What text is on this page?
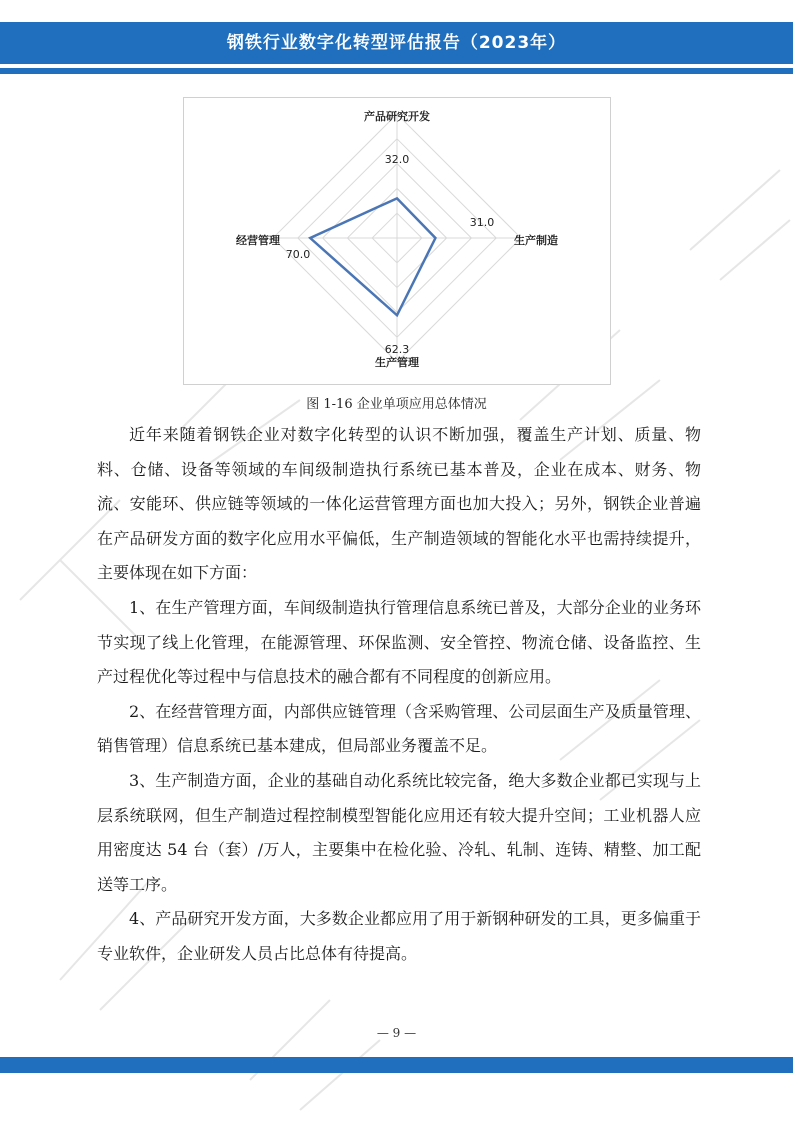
钢铁行业数字化转型评估报告（2023年）
产品研究开发
生产制造
生产管理
经营管理
32.0
31.0
62.3
70.0
图 1-16 企业单项应用总体情况

近年来随着钢铁企业对数字化转型的认识不断加强，覆盖生产计划、质量、物料、仓储、设备等领域的车间级制造执行系统已基本普及，企业在成本、财务、物流、安能环、供应链等领域的一体化运营管理方面也加大投入；另外，钢铁企业普遍在产品研发方面的数字化应用水平偏低，生产制造领域的智能化水平也需持续提升，主要体现在如下方面：

1、在生产管理方面，车间级制造执行管理信息系统已普及，大部分企业的业务环节实现了线上化管理，在能源管理、环保监测、安全管控、物流仓储、设备监控、生产过程优化等过程中与信息技术的融合都有不同程度的创新应用。

2、在经营管理方面，内部供应链管理（含采购管理、公司层面生产及质量管理、销售管理）信息系统已基本建成，但局部业务覆盖不足。

3、生产制造方面，企业的基础自动化系统比较完备，绝大多数企业都已实现与上层系统联网，但生产制造过程控制模型智能化应用还有较大提升空间；工业机器人应用密度达 54 台（套）/万人，主要集中在检化验、冷轧、轧制、连铸、精整、加工配送等工序。

4、产品研究开发方面，大多数企业都应用了用于新钢种研发的工具，更多偏重于专业软件，企业研发人员占比总体有待提高。

— 9 —
